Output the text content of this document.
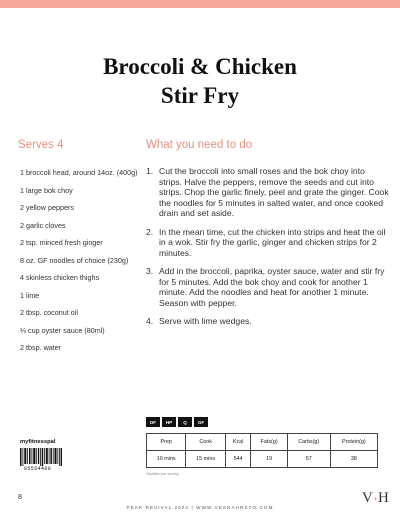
Broccoli & Chicken
Stir Fry
Serves 4	What you need to do
1 broccoli head, around 14oz. (400g)
1 large bok choy
2 yellow peppers
2 garlic cloves
2 tsp. minced fresh ginger
8 oz. GF noodles of choice (230g)
4 skinless chicken thighs
1 lime
2 tbsp. coconut oil
⅓ cup oyster sauce (80ml)
2 tbsp. water
1. Cut the broccoli into small roses and the bok choy into strips. Halve the peppers, remove the seeds and cut into strips. Chop the garlic finely, peel and grate the ginger. Cook the noodles for 5 minutes in salted water, and once cooked drain and set aside.
2. In the mean time, cut the chicken into strips and heat the oil in a wok. Stir fry the garlic, ginger and chicken strips for 2 minutes.
3. Add in the broccoli, paprika, oyster sauce, water and stir fry for 5 minutes. Add the bok choy and cook for another 1 minute. Add the noodles and heat for another 1 minute. Season with pepper.
4. Serve with lime wedges.
DF	HP	Q	GF
Prep	Cook	Kcal	Fats(g)	Carbs(g)	Protein(g)
10 mins	15 mins	544	19	57	38
*Nutrition per serving
myfitnesspal
05554409
8
PEAK REVIVAL 2022 | WWW.VESNAHRSTO.COM
V•H
